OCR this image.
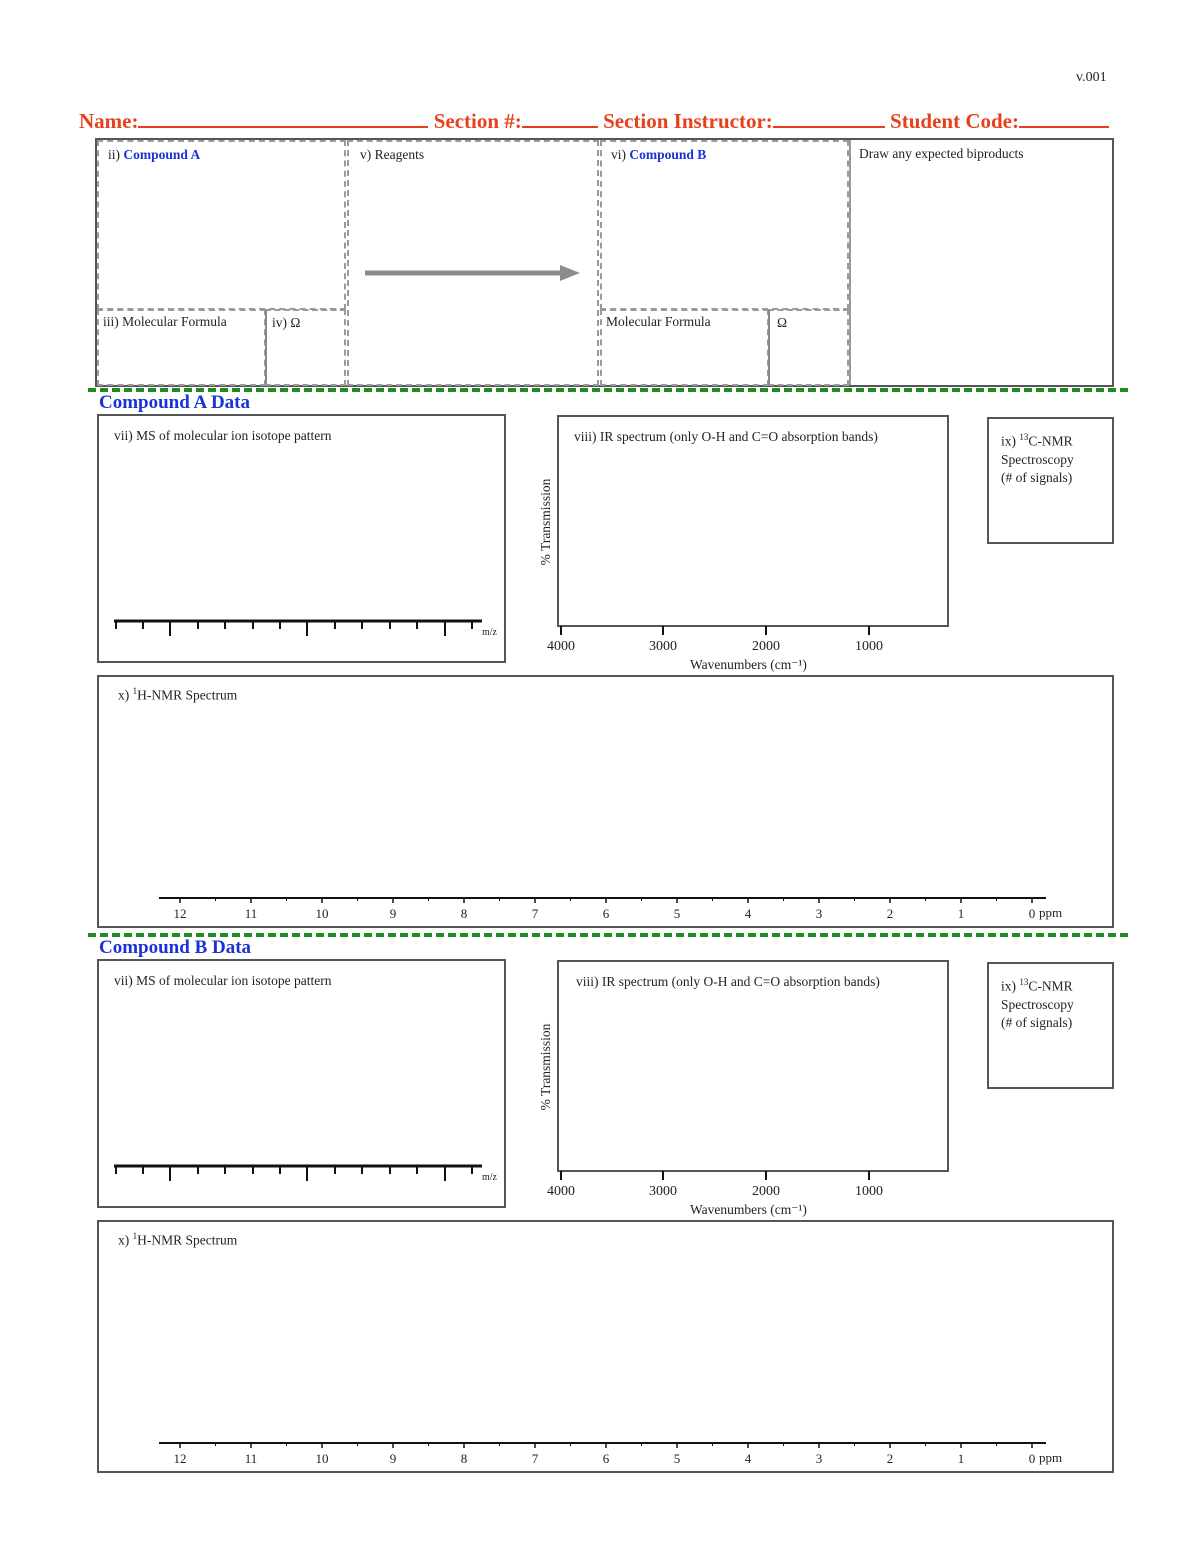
v.001
Name:	Section #:	Section Instructor:	Student Code:
ii) Compound A
iii) Molecular Formula	iv) Ω
v) Reagents	vi) Compound B
Molecular Formula	Ω
Draw any expected biproducts
Compound A Data
vii) MS of molecular ion isotope pattern
m/z
viii) IR spectrum (only O-H and C=O absorption bands)
% Transmission
4000	3000	2000	1000
Wavenumbers (cm⁻¹)
ix) $^{13}$C-NMR
Spectroscopy
(# of signals)
x) $^1$H-NMR Spectrum
12	11	10	9	8	7	6	5	4	3	2	1	0 ppm
Compound B Data
vii) MS of molecular ion isotope pattern
m/z
viii) IR spectrum (only O-H and C=O absorption bands)
% Transmission
4000	3000	2000	1000
Wavenumbers (cm⁻¹)
ix) $^{13}$C-NMR
Spectroscopy
(# of signals)
x) $^1$H-NMR Spectrum
12	11	10	9	8	7	6	5	4	3	2	1	0 ppm
